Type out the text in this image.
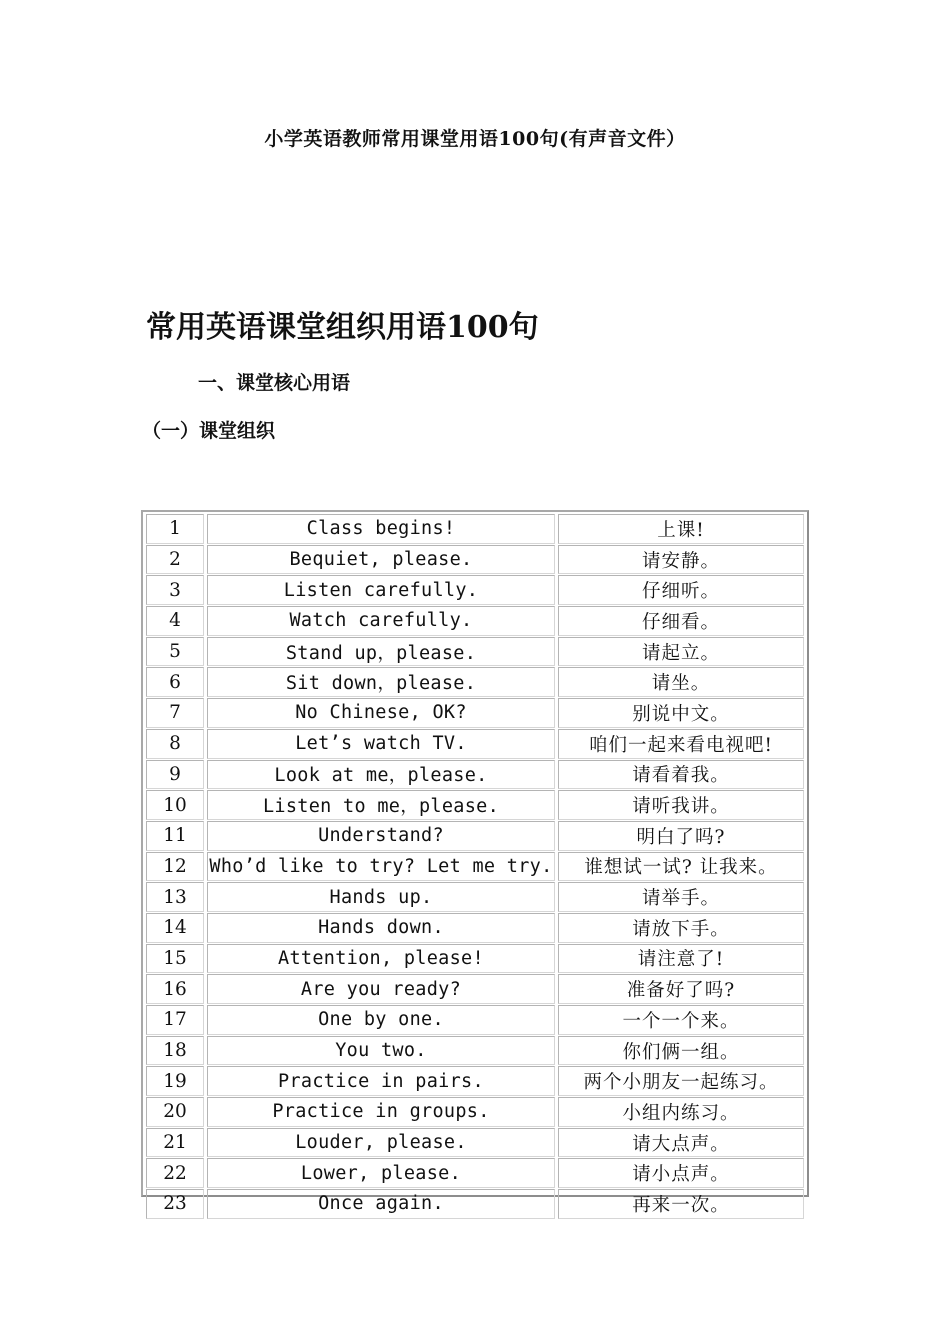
小学英语教师常用课堂用语100句(有声音文件）
常用英语课堂组织用语100句
一、课堂核心用语
（一）课堂组织
1	Class begins!	上课!
2	Bequiet, please.	请安静。
3	Listen carefully.	仔细听。
4	Watch carefully.	仔细看。
5	Stand up，please.	请起立。
6	Sit down，please.	请坐。
7	No Chinese, OK?	别说中文。
8	Let’s watch TV.	咱们一起来看电视吧!
9	Look at me，please.	请看着我。
10	Listen to me，please.	请听我讲。
11	Understand?	明白了吗?
12	Who’d like to try? Let me try.	谁想试一试? 让我来。
13	Hands up.	请举手。
14	Hands down.	请放下手。
15	Attention, please!	请注意了!
16	Are you ready?	准备好了吗?
17	One by one.	一个一个来。
18	You two.	你们俩一组。
19	Practice in pairs.	两个小朋友一起练习。
20	Practice in groups.	小组内练习。
21	Louder, please.	请大点声。
22	Lower, please.	请小点声。
23	Once again.	再来一次。
